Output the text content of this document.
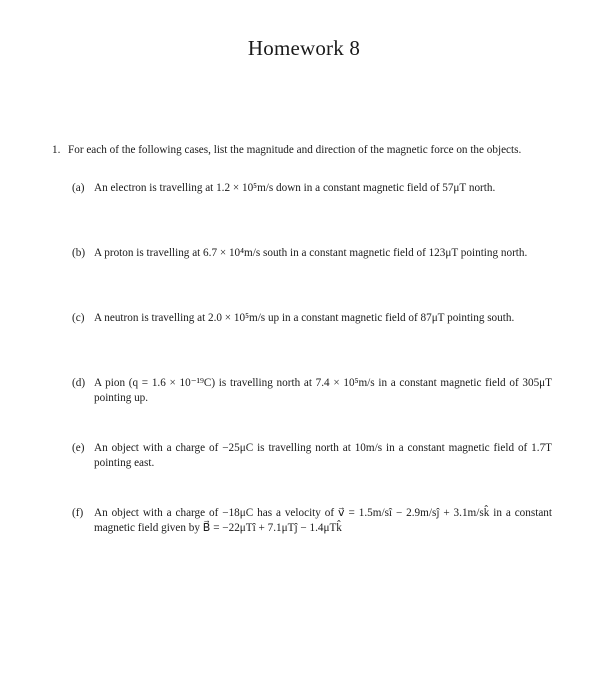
Homework 8
1. For each of the following cases, list the magnitude and direction of the magnetic force on the objects.
(a) An electron is travelling at 1.2 × 10⁵m/s down in a constant magnetic field of 57μT north.
(b) A proton is travelling at 6.7 × 10⁴m/s south in a constant magnetic field of 123μT pointing north.
(c) A neutron is travelling at 2.0 × 10⁵m/s up in a constant magnetic field of 87μT pointing south.
(d) A pion (q = 1.6 × 10⁻¹⁹C) is travelling north at 7.4 × 10⁵m/s in a constant magnetic field of 305μT pointing up.
(e) An object with a charge of −25μC is travelling north at 10m/s in a constant magnetic field of 1.7T pointing east.
(f) An object with a charge of −18μC has a velocity of v⃗ = 1.5m/sî − 2.9m/sĵ + 3.1m/sk̂ in a constant magnetic field given by B⃗ = −22μTî + 7.1μTĵ − 1.4μTk̂
